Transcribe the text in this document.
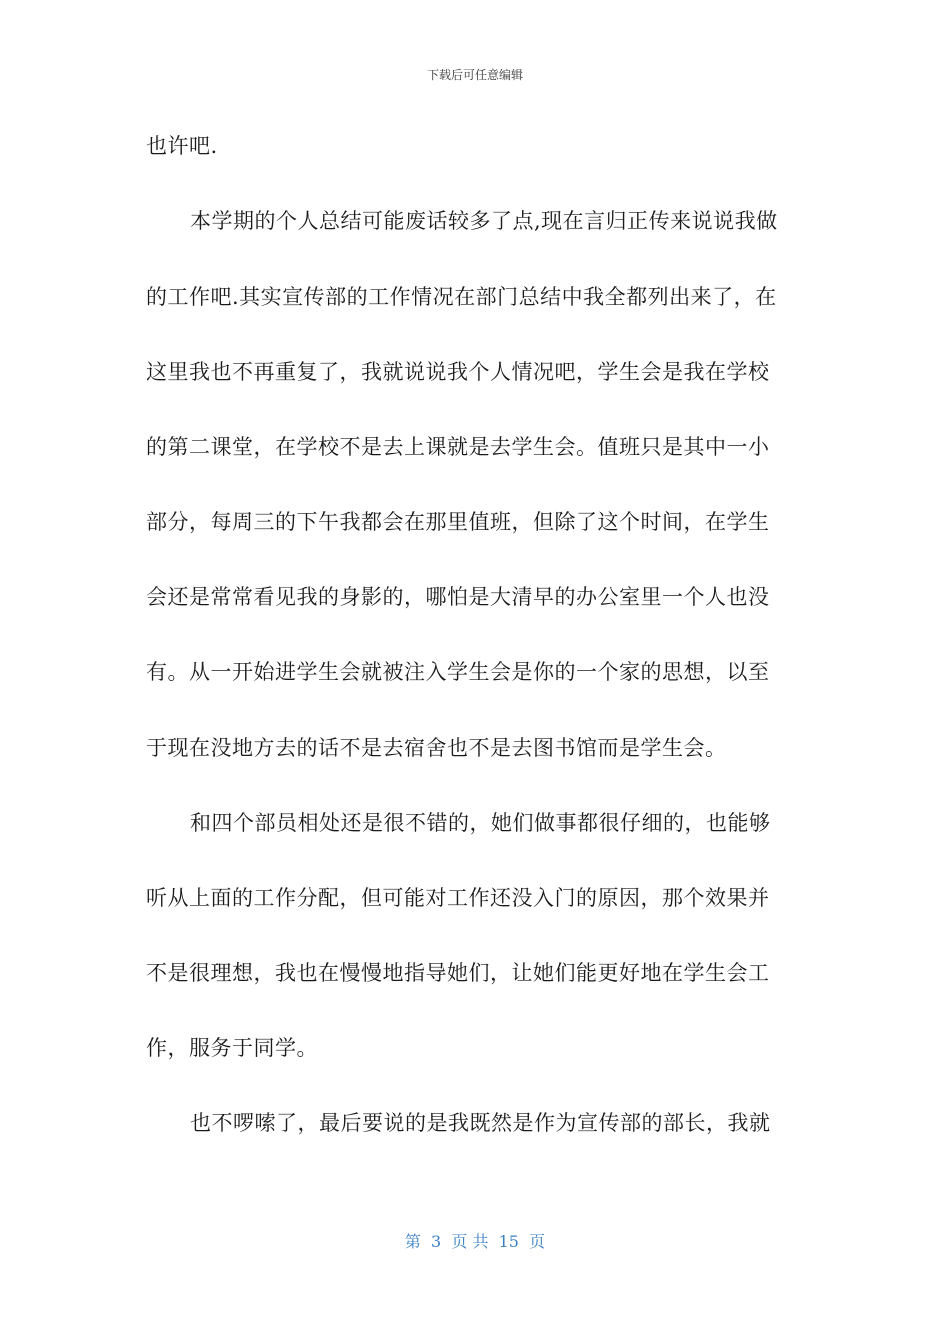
下载后可任意编辑
也许吧.
本学期的个人总结可能废话较多了点,现在言归正传来说说我做
的工作吧.其实宣传部的工作情况在部门总结中我全都列出来了，在
这里我也不再重复了，我就说说我个人情况吧，学生会是我在学校
的第二课堂，在学校不是去上课就是去学生会。值班只是其中一小
部分，每周三的下午我都会在那里值班，但除了这个时间，在学生
会还是常常看见我的身影的，哪怕是大清早的办公室里一个人也没
有。从一开始进学生会就被注入学生会是你的一个家的思想，以至
于现在没地方去的话不是去宿舍也不是去图书馆而是学生会。
和四个部员相处还是很不错的，她们做事都很仔细的，也能够
听从上面的工作分配，但可能对工作还没入门的原因，那个效果并
不是很理想，我也在慢慢地指导她们，让她们能更好地在学生会工
作，服务于同学。
也不啰嗦了，最后要说的是我既然是作为宣传部的部长，我就
第  3  页 共  15  页
